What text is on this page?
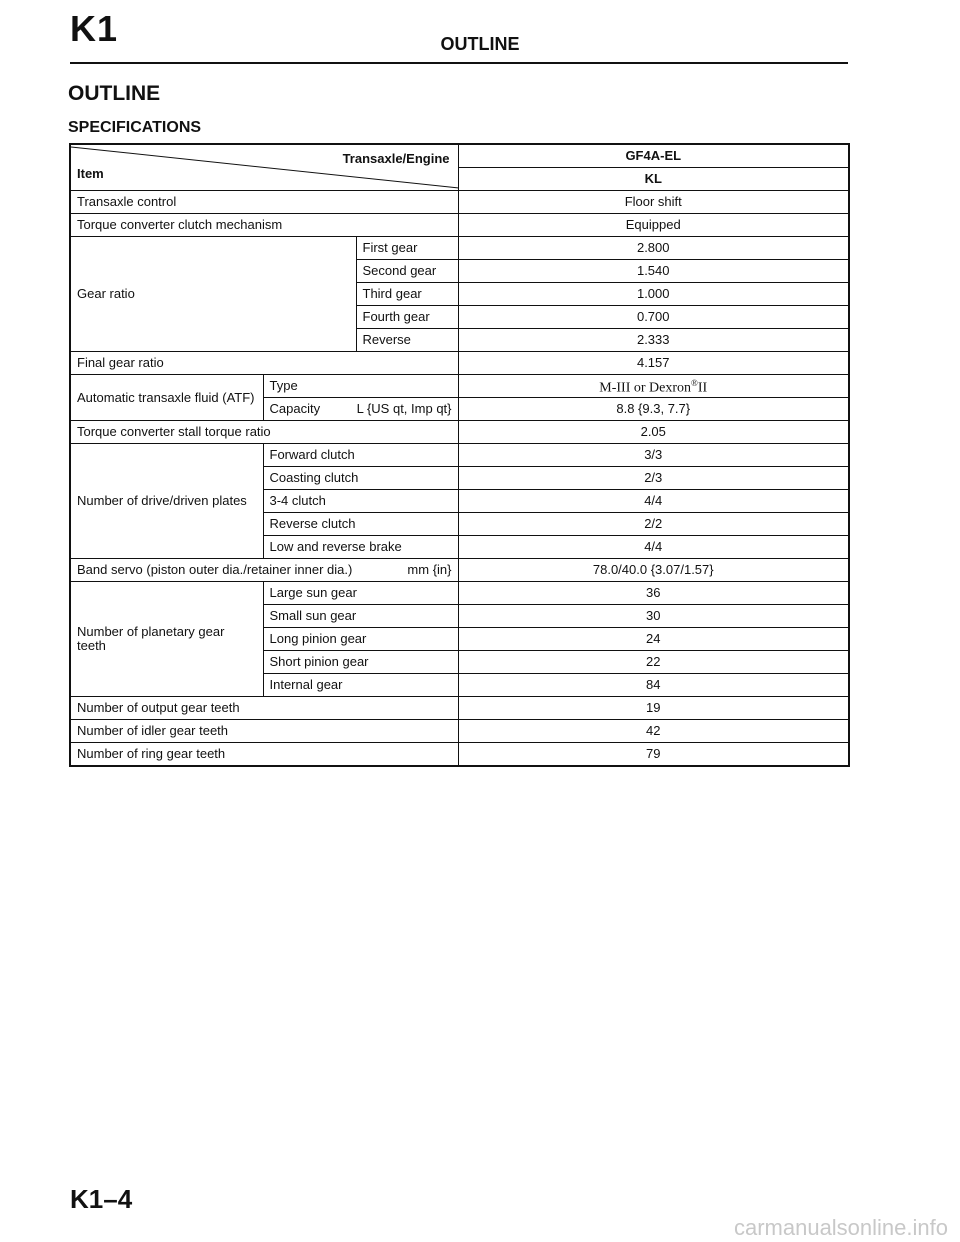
K1	OUTLINE
OUTLINE
SPECIFICATIONS
Transaxle/Engine
Item			GF4A-EL
			KL
Transaxle control			Floor shift
Torque converter clutch mechanism			Equipped
Gear ratio		First gear	2.800
		Second gear	1.540
		Third gear	1.000
		Fourth gear	0.700
		Reverse	2.333
Final gear ratio			4.157
Automatic transaxle fluid (ATF)	Type		M-III or Dexron®II

	Capacity L {US qt, Imp qt}		8.8 {9.3, 7.7}
Torque converter stall torque ratio			2.05
Number of drive/driven plates	Forward clutch		3/3
	Coasting clutch		2/3
	3-4 clutch		4/4
	Reverse clutch		2/2
	Low and reverse brake		4/4

Band servo (piston outer dia./retainer inner dia.) mm {in}			78.0/40.0 {3.07/1.57}
Number of planetary gear teeth	Large sun gear		36
	Small sun gear		30
	Long pinion gear		24
	Short pinion gear		22
	Internal gear		84
Number of output gear teeth			19
Number of idler gear teeth			42
Number of ring gear teeth			79
K1–4
carmanualsonline.info
